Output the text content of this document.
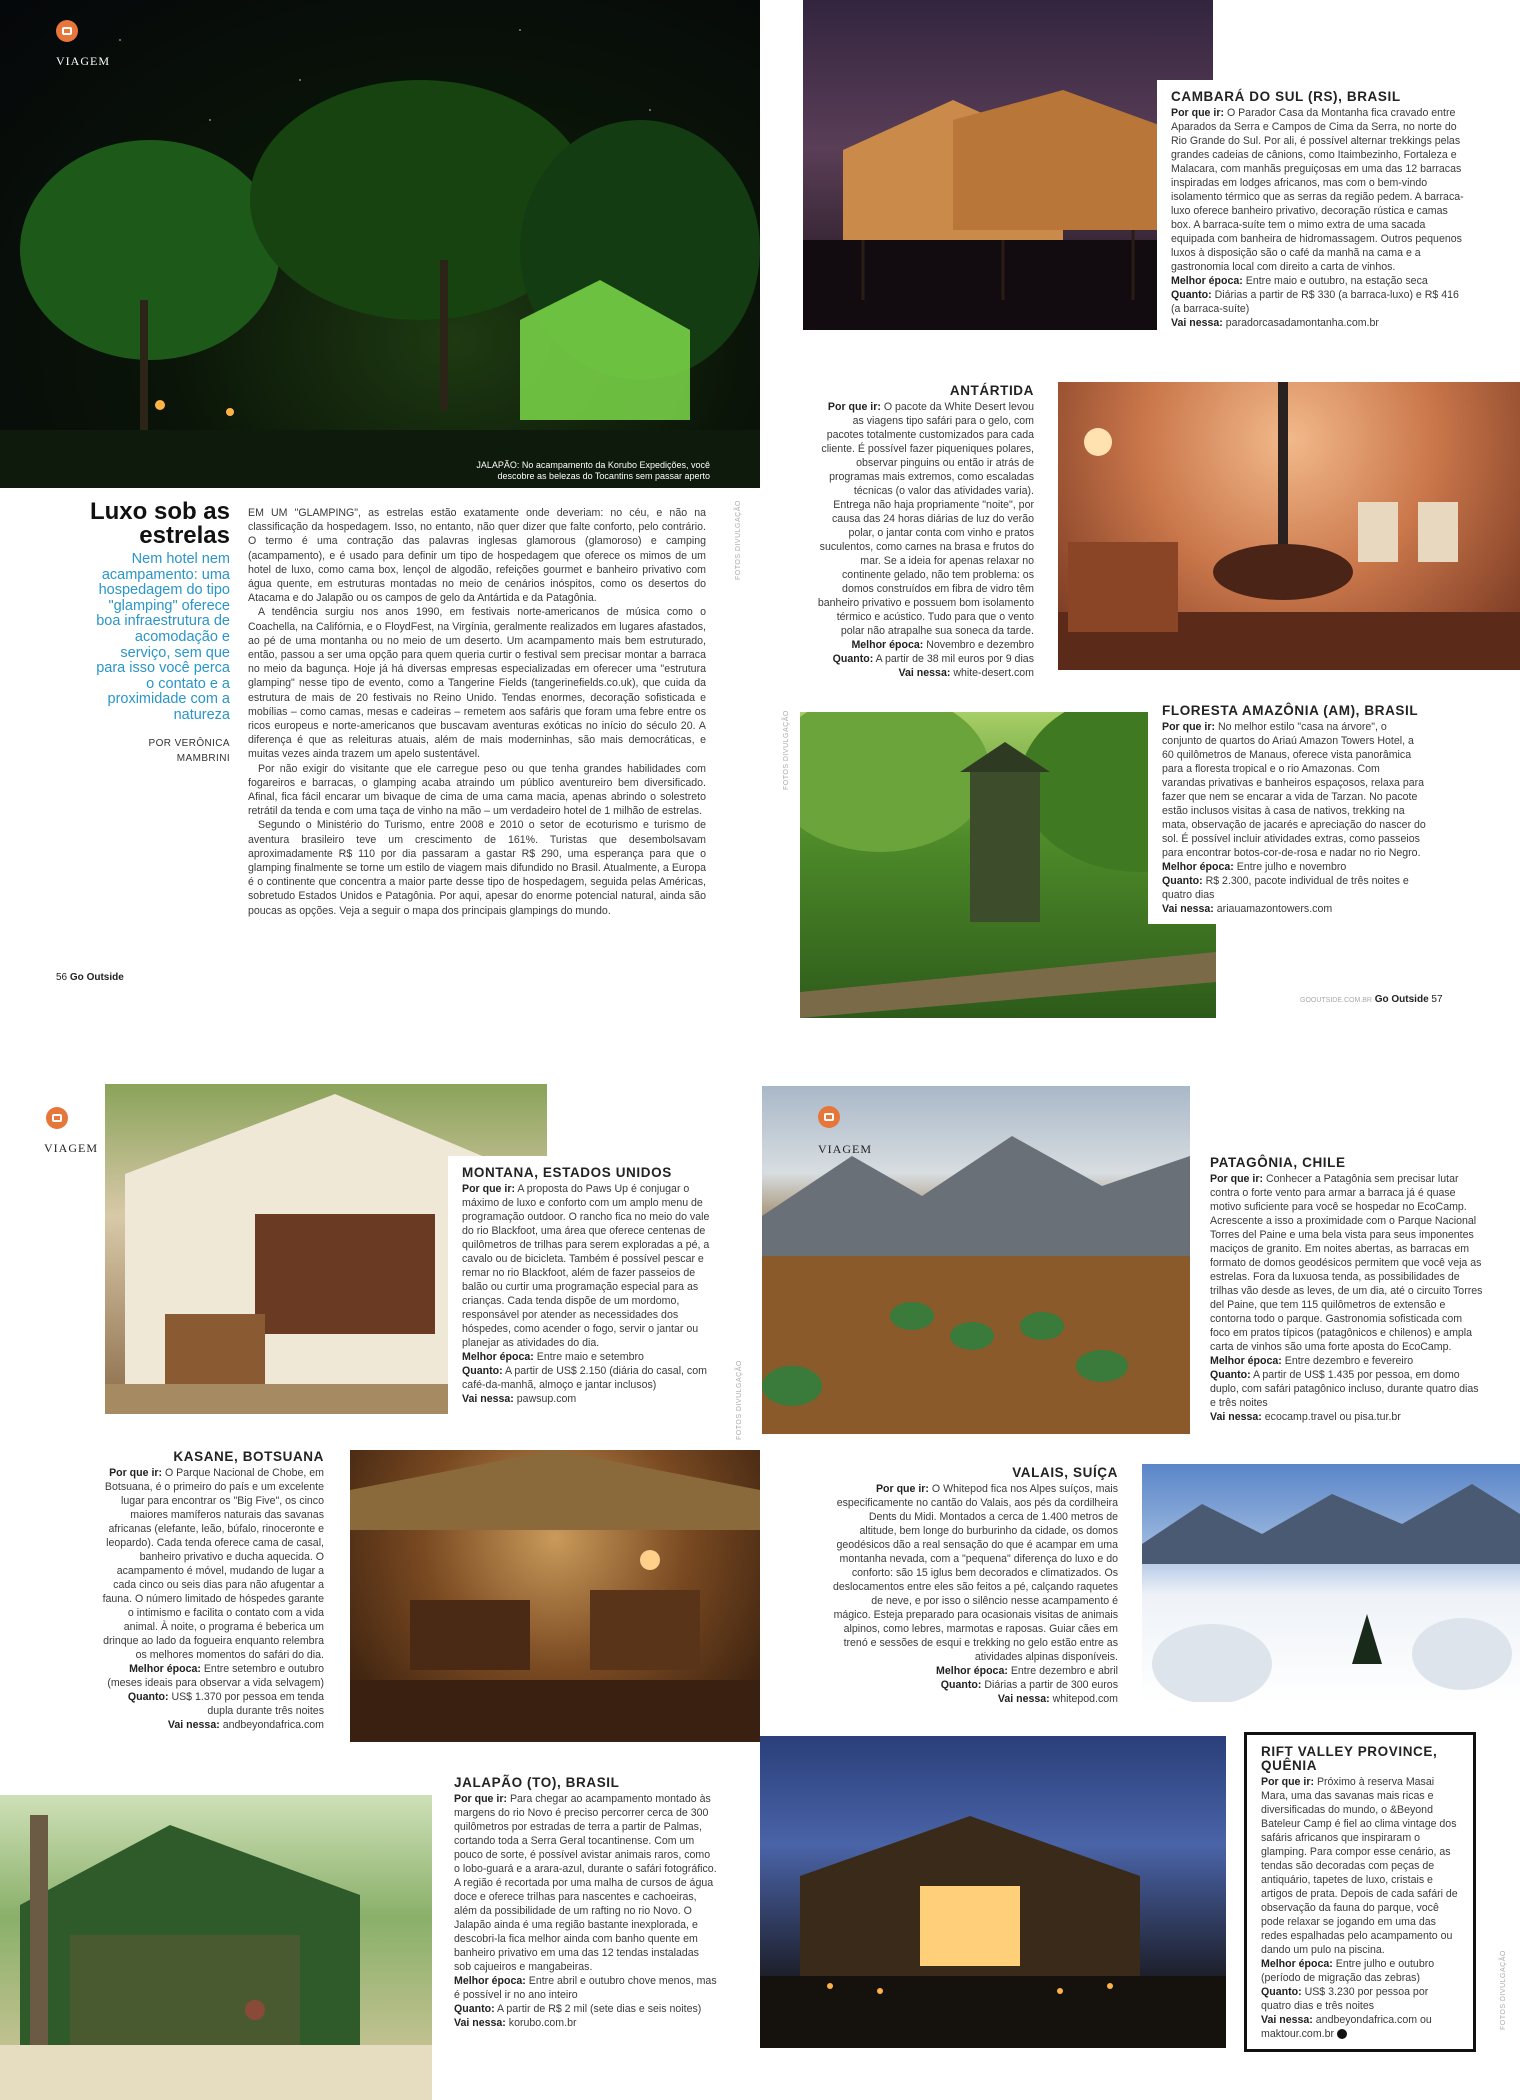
VIAGEM
JALAPÃO: No acampamento da Korubo Expedições, você descobre as belezas do Tocantins sem passar aperto
Luxo sob as estrelas
Nem hotel nem acampamento: uma hospedagem do tipo "glamping" oferece boa infraestrutura de acomodação e serviço, sem que para isso você perca o contato e a proximidade com a natureza
POR VERÔNICA MAMBRINI

EM UM "GLAMPING", as estrelas estão exatamente onde deveriam: no céu, e não na classificação da hospedagem. Isso, no entanto, não quer dizer que falte conforto, pelo contrário. O termo é uma contração das palavras inglesas glamorous (glamoroso) e camping (acampamento), e é usado para definir um tipo de hospedagem que oferece os mimos de um hotel de luxo, como cama box, lençol de algodão, refeições gourmet e banheiro privativo com água quente, em estruturas montadas no meio de cenários inóspitos, como os desertos do Atacama e do Jalapão ou os campos de gelo da Antártida e da Patagônia.

A tendência surgiu nos anos 1990, em festivais norte-americanos de música como o Coachella, na Califórnia, e o FloydFest, na Virgínia, geralmente realizados em lugares afastados, ao pé de uma montanha ou no meio de um deserto. Um acampamento mais bem estruturado, então, passou a ser uma opção para quem queria curtir o festival sem precisar montar a barraca no meio da bagunça. Hoje já há diversas empresas especializadas em oferecer uma "estrutura glamping" nesse tipo de evento, como a Tangerine Fields (tangerinefields.co.uk), que cuida da estrutura de mais de 20 festivais no Reino Unido. Tendas enormes, decoração sofisticada e mobílias – como camas, mesas e cadeiras – remetem aos safáris que foram uma febre entre os ricos europeus e norte-americanos que buscavam aventuras exóticas no início do século 20. A diferença é que as releituras atuais, além de mais moderninhas, são mais democráticas, e muitas vezes ainda trazem um apelo sustentável.

Por não exigir do visitante que ele carregue peso ou que tenha grandes habilidades com fogareiros e barracas, o glamping acaba atraindo um público aventureiro bem diversificado. Afinal, fica fácil encarar um bivaque de cima de uma cama macia, apenas abrindo o solestreto retrátil da tenda e com uma taça de vinho na mão – um verdadeiro hotel de 1 milhão de estrelas.

Segundo o Ministério do Turismo, entre 2008 e 2010 o setor de ecoturismo e turismo de aventura brasileiro teve um crescimento de 161%. Turistas que desembolsavam aproximadamente R$ 110 por dia passaram a gastar R$ 290, uma esperança para que o glamping finalmente se torne um estilo de viagem mais difundido no Brasil. Atualmente, a Europa é o continente que concentra a maior parte desse tipo de hospedagem, seguida pelas Américas, sobretudo Estados Unidos e Patagônia. Por aqui, apesar do enorme potencial natural, ainda são poucas as opções. Veja a seguir o mapa dos principais glampings do mundo.

FOTOS DIVULGAÇÃO
56 Go Outside
CAMBARÁ DO SUL (RS), BRASIL

Por que ir: O Parador Casa da Montanha fica cravado entre Aparados da Serra e Campos de Cima da Serra, no norte do Rio Grande do Sul. Por ali, é possível alternar trekkings pelas grandes cadeias de cânions, como Itaimbezinho, Fortaleza e Malacara, com manhãs preguiçosas em uma das 12 barracas inspiradas em lodges africanos, mas com o bem-vindo isolamento térmico que as serras da região pedem. A barraca-luxo oferece banheiro privativo, decoração rústica e camas box. A barraca-suíte tem o mimo extra de uma sacada equipada com banheira de hidromassagem. Outros pequenos luxos à disposição são o café da manhã na cama e a gastronomia local com direito a carta de vinhos.

Melhor época: Entre maio e outubro, na estação seca

Quanto: Diárias a partir de R$ 330 (a barraca-luxo) e R$ 416 (a barraca-suíte)

Vai nessa: paradorcasadamontanha.com.br

ANTÁRTIDA

Por que ir: O pacote da White Desert levou as viagens tipo safári para o gelo, com pacotes totalmente customizados para cada cliente. É possível fazer piqueniques polares, observar pinguins ou então ir atrás de programas mais extremos, como escaladas técnicas (o valor das atividades varia). Entrega não haja propriamente "noite", por causa das 24 horas diárias de luz do verão polar, o jantar conta com vinho e pratos suculentos, como carnes na brasa e frutos do mar. Se a ideia for apenas relaxar no continente gelado, não tem problema: os domos construídos em fibra de vidro têm banheiro privativo e possuem bom isolamento térmico e acústico. Tudo para que o vento polar não atrapalhe sua soneca da tarde.

Melhor época: Novembro e dezembro

Quanto: A partir de 38 mil euros por 9 dias

Vai nessa: white-desert.com

FLORESTA AMAZÔNIA (AM), BRASIL

Por que ir: No melhor estilo "casa na árvore", o conjunto de quartos do Ariaú Amazon Towers Hotel, a 60 quilômetros de Manaus, oferece vista panorâmica para a floresta tropical e o rio Amazonas. Com varandas privativas e banheiros espaçosos, relaxa para fazer que nem se encarar a vida de Tarzan. No pacote estão inclusos visitas à casa de nativos, trekking na mata, observação de jacarés e apreciação do nascer do sol. É possível incluir atividades extras, como passeios para encontrar botos-cor-de-rosa e nadar no rio Negro.

Melhor época: Entre julho e novembro

Quanto: R$ 2.300, pacote individual de três noites e quatro dias

Vai nessa: ariauamazontowers.com

FOTOS DIVULGAÇÃO
GOOUTSIDE.COM.BR Go Outside 57
VIAGEM
MONTANA, ESTADOS UNIDOS

Por que ir: A proposta do Paws Up é conjugar o máximo de luxo e conforto com um amplo menu de programação outdoor. O rancho fica no meio do vale do rio Blackfoot, uma área que oferece centenas de quilômetros de trilhas para serem exploradas a pé, a cavalo ou de bicicleta. Também é possível pescar e remar no rio Blackfoot, além de fazer passeios de balão ou curtir uma programação especial para as crianças. Cada tenda dispõe de um mordomo, responsável por atender as necessidades dos hóspedes, como acender o fogo, servir o jantar ou planejar as atividades do dia.

Melhor época: Entre maio e setembro

Quanto: A partir de US$ 2.150 (diária do casal, com café-da-manhã, almoço e jantar inclusos)

Vai nessa: pawsup.com

KASANE, BOTSUANA

Por que ir: O Parque Nacional de Chobe, em Botsuana, é o primeiro do país e um excelente lugar para encontrar os "Big Five", os cinco maiores mamíferos naturais das savanas africanas (elefante, leão, búfalo, rinoceronte e leopardo). Cada tenda oferece cama de casal, banheiro privativo e ducha aquecida. O acampamento é móvel, mudando de lugar a cada cinco ou seis dias para não afugentar a fauna. O número limitado de hóspedes garante o intimismo e facilita o contato com a vida animal. À noite, o programa é beberica um drinque ao lado da fogueira enquanto relembra os melhores momentos do safári do dia.

Melhor época: Entre setembro e outubro (meses ideais para observar a vida selvagem)

Quanto: US$ 1.370 por pessoa em tenda dupla durante três noites

Vai nessa: andbeyondafrica.com

JALAPÃO (TO), BRASIL

Por que ir: Para chegar ao acampamento montado às margens do rio Novo é preciso percorrer cerca de 300 quilômetros por estradas de terra a partir de Palmas, cortando toda a Serra Geral tocantinense. Com um pouco de sorte, é possível avistar animais raros, como o lobo-guará e a arara-azul, durante o safári fotográfico. A região é recortada por uma malha de cursos de água doce e oferece trilhas para nascentes e cachoeiras, além da possibilidade de um rafting no rio Novo. O Jalapão ainda é uma região bastante inexplorada, e descobri-la fica melhor ainda com banho quente em banheiro privativo em uma das 12 tendas instaladas sob cajueiros e mangabeiras.

Melhor época: Entre abril e outubro chove menos, mas é possível ir no ano inteiro

Quanto: A partir de R$ 2 mil (sete dias e seis noites)

Vai nessa: korubo.com.br

FOTOS DIVULGAÇÃO
VIAGEM
PATAGÔNIA, CHILE

Por que ir: Conhecer a Patagônia sem precisar lutar contra o forte vento para armar a barraca já é quase motivo suficiente para você se hospedar no EcoCamp. Acrescente a isso a proximidade com o Parque Nacional Torres del Paine e uma bela vista para seus imponentes maciços de granito. Em noites abertas, as barracas em formato de domos geodésicos permitem que você veja as estrelas. Fora da luxuosa tenda, as possibilidades de trilhas vão desde as leves, de um dia, até o circuito Torres del Paine, que tem 115 quilômetros de extensão e contorna todo o parque. Gastronomia sofisticada com foco em pratos típicos (patagônicos e chilenos) e ampla carta de vinhos são uma forte aposta do EcoCamp.

Melhor época: Entre dezembro e fevereiro

Quanto: A partir de US$ 1.435 por pessoa, em domo duplo, com safári patagônico incluso, durante quatro dias e três noites

Vai nessa: ecocamp.travel ou pisa.tur.br

VALAIS, SUÍÇA

Por que ir: O Whitepod fica nos Alpes suíços, mais especificamente no cantão do Valais, aos pés da cordilheira Dents du Midi. Montados a cerca de 1.400 metros de altitude, bem longe do burburinho da cidade, os domos geodésicos dão a real sensação do que é acampar em uma montanha nevada, com a "pequena" diferença do luxo e do conforto: são 15 iglus bem decorados e climatizados. Os deslocamentos entre eles são feitos a pé, calçando raquetes de neve, e por isso o silêncio nesse acampamento é mágico. Esteja preparado para ocasionais visitas de animais alpinos, como lebres, marmotas e raposas. Guiar cães em trenó e sessões de esqui e trekking no gelo estão entre as atividades alpinas disponíveis.

Melhor época: Entre dezembro e abril

Quanto: Diárias a partir de 300 euros

Vai nessa: whitepod.com

RIFT VALLEY PROVINCE, QUÊNIA

Por que ir: Próximo à reserva Masai Mara, uma das savanas mais ricas e diversificadas do mundo, o &Beyond Bateleur Camp é fiel ao clima vintage dos safáris africanos que inspiraram o glamping. Para compor esse cenário, as tendas são decoradas com peças de antiquário, tapetes de luxo, cristais e artigos de prata. Depois de cada safári de observação da fauna do parque, você pode relaxar se jogando em uma das redes espalhadas pelo acampamento ou dando um pulo na piscina.

Melhor época: Entre julho e outubro (período de migração das zebras)

Quanto: US$ 3.230 por pessoa por quatro dias e três noites

Vai nessa: andbeyondafrica.com ou maktour.com.br

FOTOS DIVULGAÇÃO
